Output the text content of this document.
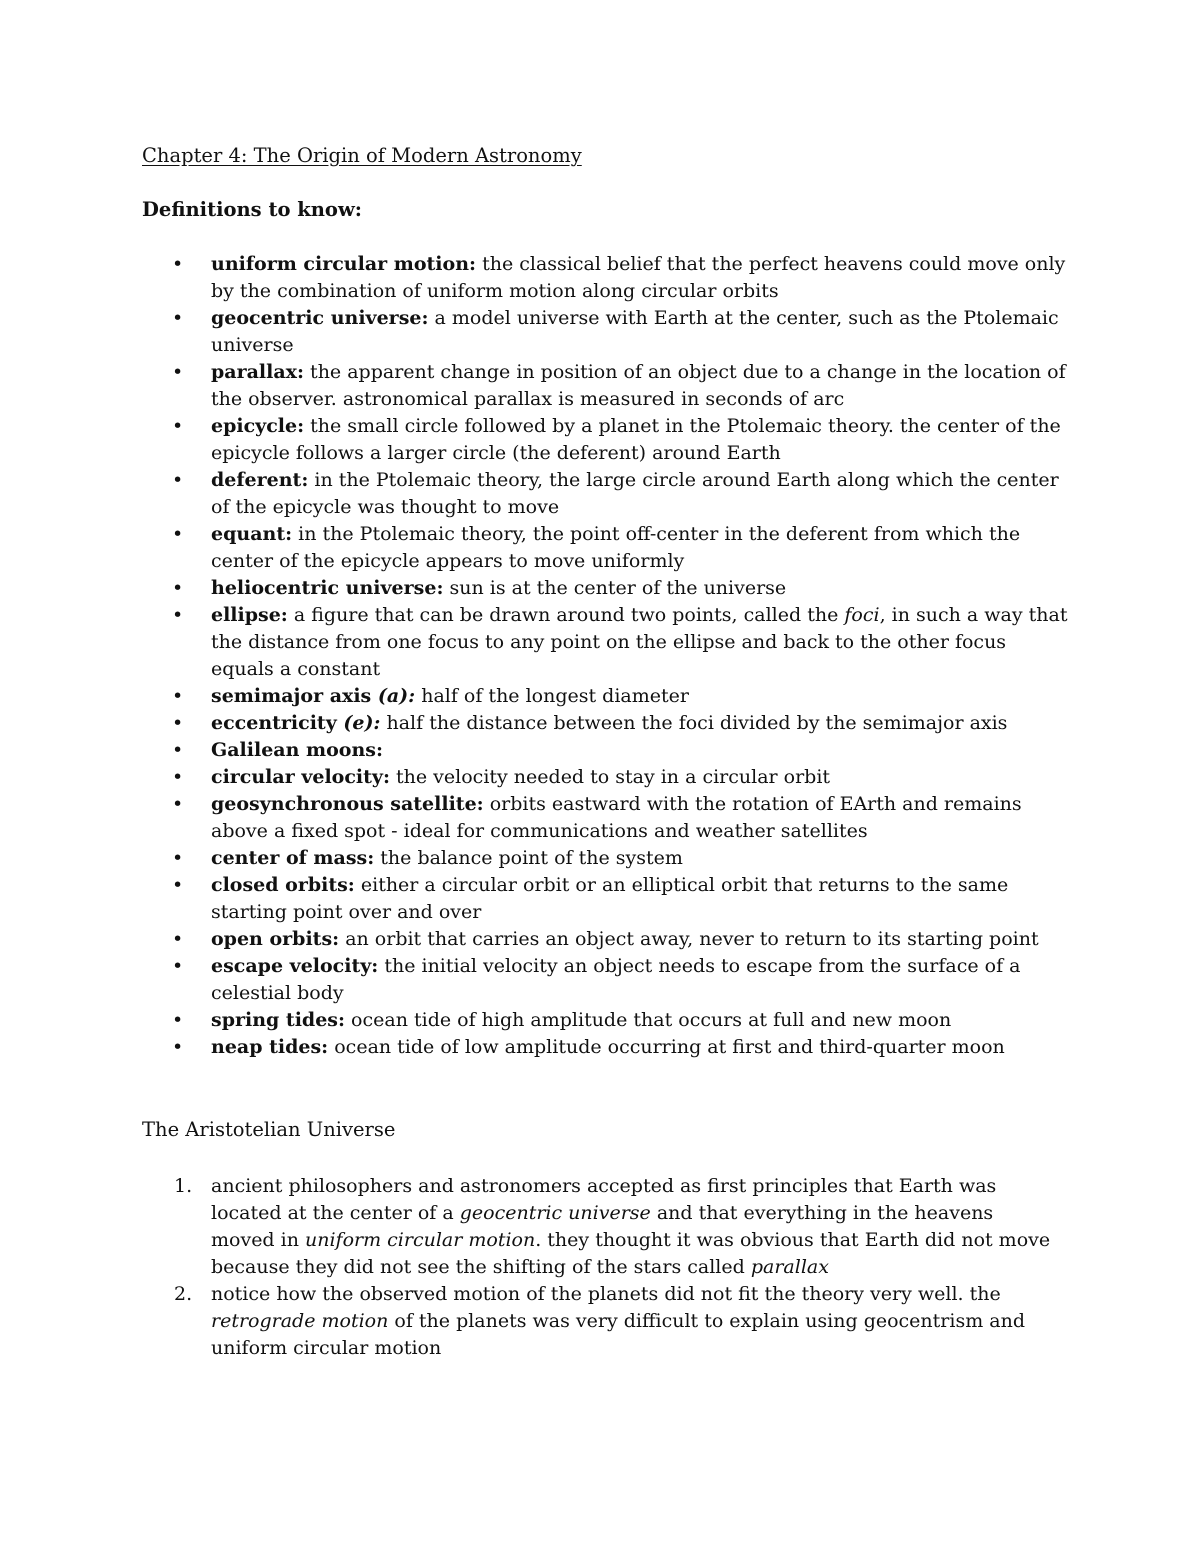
Chapter 4: The Origin of Modern Astronomy
Definitions to know:
• uniform circular motion: the classical belief that the perfect heavens could move only by the combination of uniform motion along circular orbits
• geocentric universe: a model universe with Earth at the center, such as the Ptolemaic universe
• parallax: the apparent change in position of an object due to a change in the location of the observer. astronomical parallax is measured in seconds of arc
• epicycle: the small circle followed by a planet in the Ptolemaic theory. the center of the epicycle follows a larger circle (the deferent) around Earth
• deferent: in the Ptolemaic theory, the large circle around Earth along which the center of the epicycle was thought to move
• equant: in the Ptolemaic theory, the point off-center in the deferent from which the center of the epicycle appears to move uniformly
• heliocentric universe: sun is at the center of the universe
• ellipse: a figure that can be drawn around two points, called the foci, in such a way that the distance from one focus to any point on the ellipse and back to the other focus equals a constant
• semimajor axis (a): half of the longest diameter
• eccentricity (e): half the distance between the foci divided by the semimajor axis
• Galilean moons:
• circular velocity: the velocity needed to stay in a circular orbit
• geosynchronous satellite: orbits eastward with the rotation of EArth and remains above a fixed spot - ideal for communications and weather satellites
• center of mass: the balance point of the system
• closed orbits: either a circular orbit or an elliptical orbit that returns to the same starting point over and over
• open orbits: an orbit that carries an object away, never to return to its starting point
• escape velocity: the initial velocity an object needs to escape from the surface of a celestial body
• spring tides: ocean tide of high amplitude that occurs at full and new moon
• neap tides: ocean tide of low amplitude occurring at first and third-quarter moon
The Aristotelian Universe
1. ancient philosophers and astronomers accepted as first principles that Earth was located at the center of a geocentric universe and that everything in the heavens moved in uniform circular motion. they thought it was obvious that Earth did not move because they did not see the shifting of the stars called parallax
2. notice how the observed motion of the planets did not fit the theory very well. the retrograde motion of the planets was very difficult to explain using geocentrism and uniform circular motion
